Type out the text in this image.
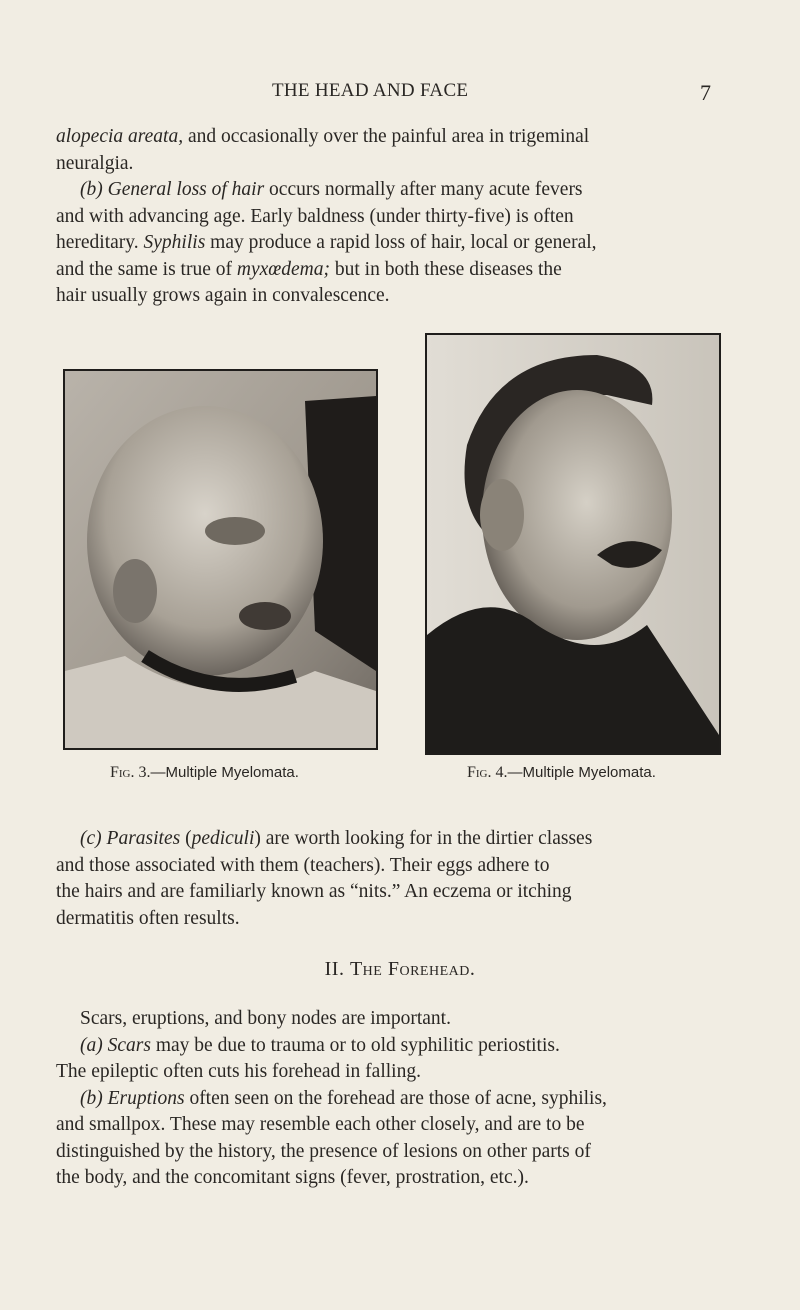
THE HEAD AND FACE	7
alopecia areata, and occasionally over the painful area in trigeminal
neuralgia.
(b) General loss of hair occurs normally after many acute fevers
and with advancing age. Early baldness (under thirty-five) is often
hereditary. Syphilis may produce a rapid loss of hair, local or general,
and the same is true of myxœdema; but in both these diseases the
hair usually grows again in convalescence.
Fig. 3.—Multiple Myelomata.	Fig. 4.—Multiple Myelomata.
(c) Parasites (pediculi) are worth looking for in the dirtier classes
and those associated with them (teachers). Their eggs adhere to
the hairs and are familiarly known as “nits.” An eczema or itching
dermatitis often results.
II. The Forehead.
Scars, eruptions, and bony nodes are important.
(a) Scars may be due to trauma or to old syphilitic periostitis.
The epileptic often cuts his forehead in falling.
(b) Eruptions often seen on the forehead are those of acne, syphilis,
and smallpox. These may resemble each other closely, and are to be
distinguished by the history, the presence of lesions on other parts of
the body, and the concomitant signs (fever, prostration, etc.).
